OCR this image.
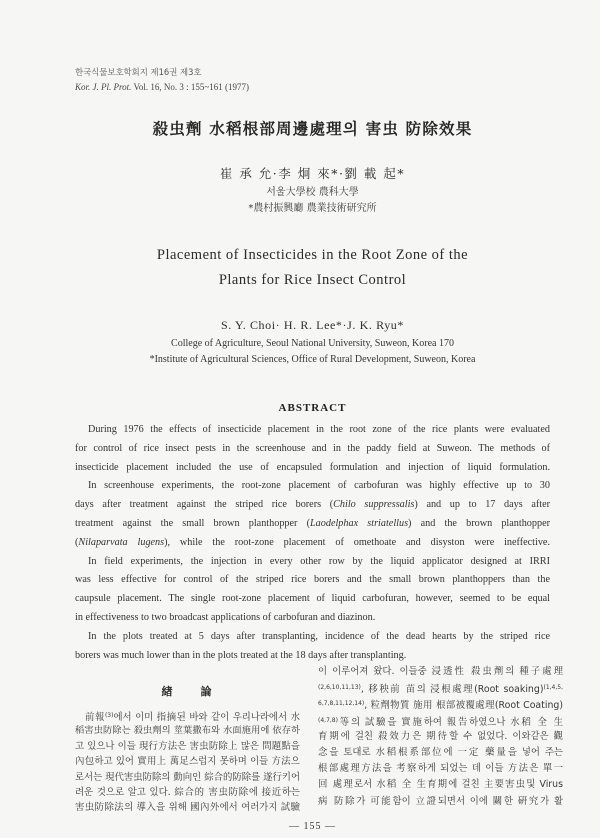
한국식물보호학회지 제16권 제3호
Kor. J. Pl. Prot. Vol. 16, No. 3 : 155~161 (1977)
殺虫劑 水稻根部周邊處理의 害虫 防除效果
崔 承 允·李 炯 來*·劉 載 起*
서울大學校 農科大學
*農村振興廳 農業技術研究所
Placement of Insecticides in the Root Zone of the
Plants for Rice Insect Control
S. Y. Choi· H. R. Lee*·J. K. Ryu*
College of Agriculture, Seoul National University, Suweon, Korea 170
*Institute of Agricultural Sciences, Office of Rural Development, Suweon, Korea
ABSTRACT
During 1976 the effects of insecticide placement in the root zone of the rice plants were evaluated
for control of rice insect pests in the screenhouse and in the paddy field at Suweon. The methods of
insecticide placement included the use of encapsuled formulation and injection of liquid formulation.
In screenhouse experiments, the root-zone placement of carbofuran was highly effective up to 30
days after treatment against the striped rice borers (Chilo suppressalis) and up to 17 days after
treatment against the small brown planthopper (Laodelphax striatellus) and the brown planthopper
(Nilaparvata lugens), while the root-zone placement of omethoate and disyston were ineffective.
In field experiments, the injection in every other row by the liquid applicator designed at IRRI
was less effective for control of the striped rice borers and the small brown planthoppers than the
caupsule placement. The single root-zone placement of liquid carbofuran, however, seemed to be equal
in effectiveness to two broadcast applications of carbofuran and diazinon.
In the plots treated at 5 days after transplanting, incidence of the dead hearts by the striped rice
borers was much lower than in the plots treated at the 18 days after transplanting.
緖　　論
前報$^{(3)}$에서 이미 指摘된 바와 같이 우리나라에서 水
稻害虫防除는 殺虫劑의 莖葉撒布와 水面施用에 依存하
고 있으나 이들 現行方法은 害虫防除上 많은 問題點을
內包하고 있어 實用上 萬足스럽지 못하며 이들 方法으
로서는 現代害虫防除의 動向인 綜合的防除를 遂行키어
려운 것으로 알고 있다. 綜合的 害虫防除에 接近하는
害虫防除法의 導入을 위해 國內外에서 여러가지 試驗
이 이루어져 왔다. 이들중 浸透性 殺虫劑의 種子處理
$^{(2,6,10,11,13)}$, 移秧前 苗의 浸根處理(Root soaking)$^{(1,4,5,}$
$^{6,7,8,11,12,14)}$, 粒劑物質 施用 根部被覆處理(Root Coating)
$^{(4,7,8)}$等의 試驗을 實施하여 報告하였으나 水稻 全 生
育期에 걸친 殺效力은 期待할 수 없었다. 이와같은 觀
念을 토대로 水稻根系部位에 一定 藥量을 넣어 주는
根部處理方法을 考察하게 되었는 데 이들 方法은 單一
回 處理로서 水稻 全 生育期에 걸친 主要害虫및 Virus
病 防除가 可能함이 立證되면서 이에 關한 硏究가 활
— 155 —
